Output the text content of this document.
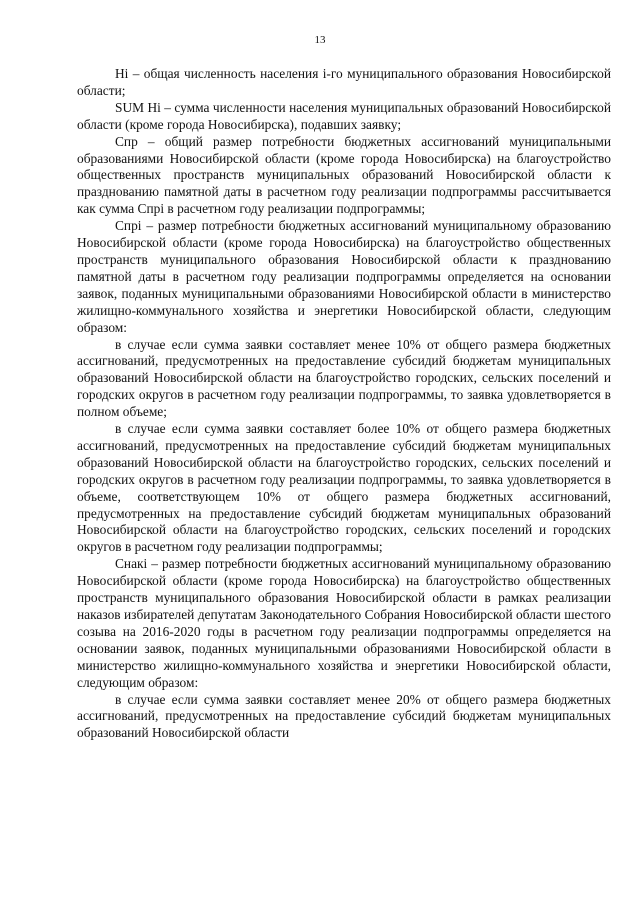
13

Hi – общая численность населения i-го муниципального образования Новосибирской области;

SUM Hi – сумма численности населения муниципальных образований Новосибирской области (кроме города Новосибирска), подавших заявку;

Спр – общий размер потребности бюджетных ассигнований муниципальными образованиями Новосибирской области (кроме города Новосибирска) на благоустройство общественных пространств муниципальных образований Новосибирской области к празднованию памятной даты в расчетном году реализации подпрограммы рассчитывается как сумма Спрi в расчетном году реализации подпрограммы;

Спрi – размер потребности бюджетных ассигнований муниципальному образованию Новосибирской области (кроме города Новосибирска) на благоустройство общественных пространств муниципального образования Новосибирской области к празднованию памятной даты в расчетном году реализации подпрограммы определяется на основании заявок, поданных муниципальными образованиями Новосибирской области в министерство жилищно-коммунального хозяйства и энергетики Новосибирской области, следующим образом:

в случае если сумма заявки составляет менее 10% от общего размера бюджетных ассигнований, предусмотренных на предоставление субсидий бюджетам муниципальных образований Новосибирской области на благоустройство городских, сельских поселений и городских округов в расчетном году реализации подпрограммы, то заявка удовлетворяется в полном объеме;

в случае если сумма заявки составляет более 10% от общего размера бюджетных ассигнований, предусмотренных на предоставление субсидий бюджетам муниципальных образований Новосибирской области на благоустройство городских, сельских поселений и городских округов в расчетном году реализации подпрограммы, то заявка удовлетворяется в объеме, соответствующем 10% от общего размера бюджетных ассигнований, предусмотренных на предоставление субсидий бюджетам муниципальных образований Новосибирской области на благоустройство городских, сельских поселений и городских округов в расчетном году реализации подпрограммы;

Снакi – размер потребности бюджетных ассигнований муниципальному образованию Новосибирской области (кроме города Новосибирска) на благоустройство общественных пространств муниципального образования Новосибирской области в рамках реализации наказов избирателей депутатам Законодательного Собрания Новосибирской области шестого созыва на 2016-2020 годы в расчетном году реализации подпрограммы определяется на основании заявок, поданных муниципальными образованиями Новосибирской области в министерство жилищно-коммунального хозяйства и энергетики Новосибирской области, следующим образом:

в случае если сумма заявки составляет менее 20% от общего размера бюджетных ассигнований, предусмотренных на предоставление субсидий бюджетам муниципальных образований Новосибирской области
